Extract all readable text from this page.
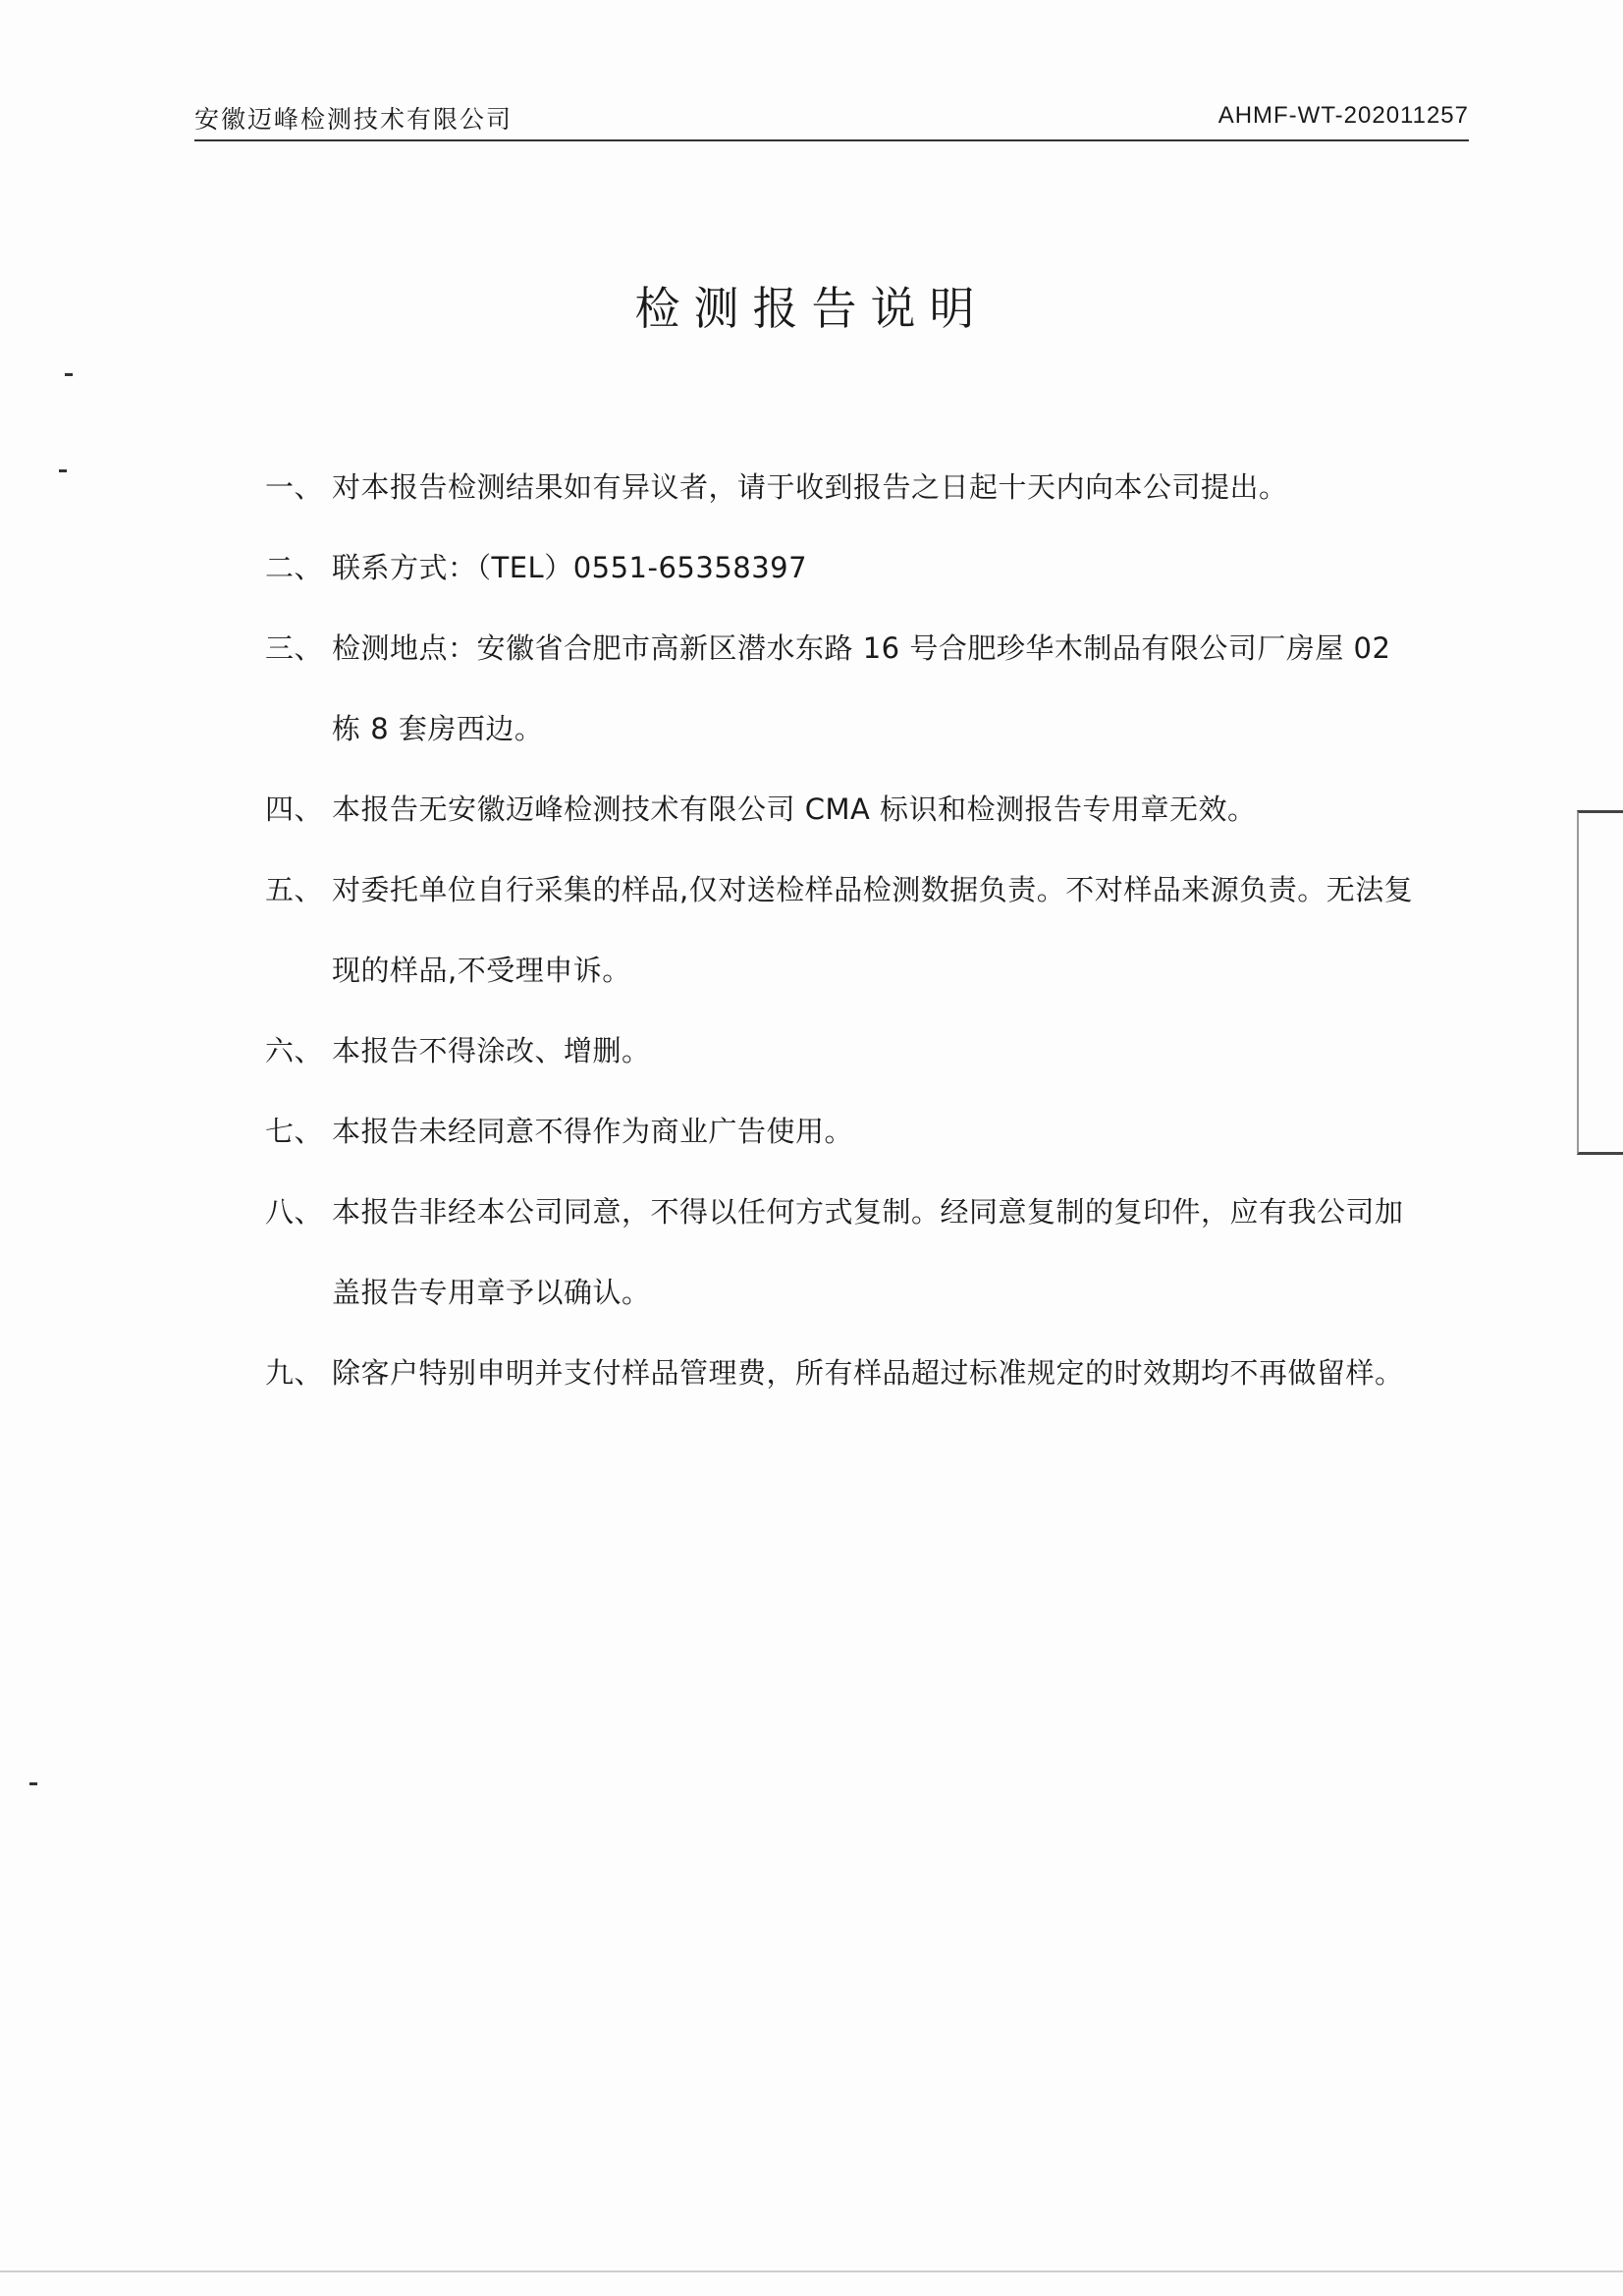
安徽迈峰检测技术有限公司	AHMF-WT-202011257
检测报告说明
一、 对本报告检测结果如有异议者，请于收到报告之日起十天内向本公司提出。
二、 联系方式：（TEL）0551-65358397
三、 检测地点：安徽省合肥市高新区潜水东路 16 号合肥珍华木制品有限公司厂房屋 02 栋 8 套房西边。
四、 本报告无安徽迈峰检测技术有限公司 CMA 标识和检测报告专用章无效。
五、 对委托单位自行采集的样品,仅对送检样品检测数据负责。不对样品来源负责。无法复现的样品,不受理申诉。
六、 本报告不得涂改、增删。
七、 本报告未经同意不得作为商业广告使用。
八、 本报告非经本公司同意，不得以任何方式复制。经同意复制的复印件，应有我公司加盖报告专用章予以确认。
九、 除客户特别申明并支付样品管理费，所有样品超过标准规定的时效期均不再做留样。
